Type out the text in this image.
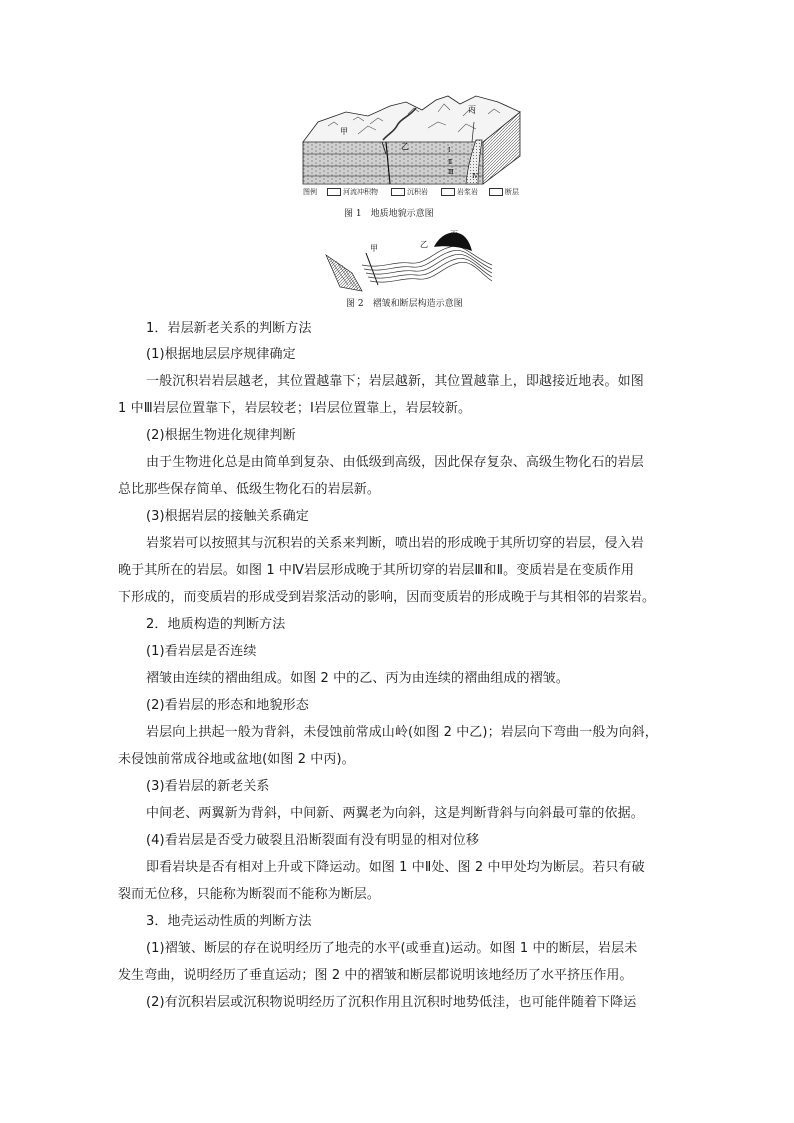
甲
乙
丙
Ⅰ
Ⅱ
Ⅲ
Ⅳ
图例	河流冲积物	沉积岩	岩浆岩	断层
图 1　地质地貌示意图
甲	乙
丙
图 2　褶皱和断层构造示意图
1．岩层新老关系的判断方法
(1)根据地层层序规律确定
一般沉积岩岩层越老，其位置越靠下；岩层越新，其位置越靠上，即越接近地表。如图
1 中Ⅲ岩层位置靠下，岩层较老；Ⅰ岩层位置靠上，岩层较新。
(2)根据生物进化规律判断
由于生物进化总是由简单到复杂、由低级到高级，因此保存复杂、高级生物化石的岩层
总比那些保存简单、低级生物化石的岩层新。
(3)根据岩层的接触关系确定
岩浆岩可以按照其与沉积岩的关系来判断，喷出岩的形成晚于其所切穿的岩层，侵入岩
晚于其所在的岩层。如图 1 中Ⅳ岩层形成晚于其所切穿的岩层Ⅲ和Ⅱ。变质岩是在变质作用
下形成的，而变质岩的形成受到岩浆活动的影响，因而变质岩的形成晚于与其相邻的岩浆岩。
2．地质构造的判断方法
(1)看岩层是否连续
褶皱由连续的褶曲组成。如图 2 中的乙、丙为由连续的褶曲组成的褶皱。
(2)看岩层的形态和地貌形态
岩层向上拱起一般为背斜，未侵蚀前常成山岭(如图 2 中乙)；岩层向下弯曲一般为向斜，
未侵蚀前常成谷地或盆地(如图 2 中丙)。
(3)看岩层的新老关系
中间老、两翼新为背斜，中间新、两翼老为向斜，这是判断背斜与向斜最可靠的依据。
(4)看岩层是否受力破裂且沿断裂面有没有明显的相对位移
即看岩块是否有相对上升或下降运动。如图 1 中Ⅱ处、图 2 中甲处均为断层。若只有破
裂而无位移，只能称为断裂而不能称为断层。
3．地壳运动性质的判断方法
(1)褶皱、断层的存在说明经历了地壳的水平(或垂直)运动。如图 1 中的断层，岩层未
发生弯曲，说明经历了垂直运动；图 2 中的褶皱和断层都说明该地经历了水平挤压作用。
(2)有沉积岩层或沉积物说明经历了沉积作用且沉积时地势低洼，也可能伴随着下降运
